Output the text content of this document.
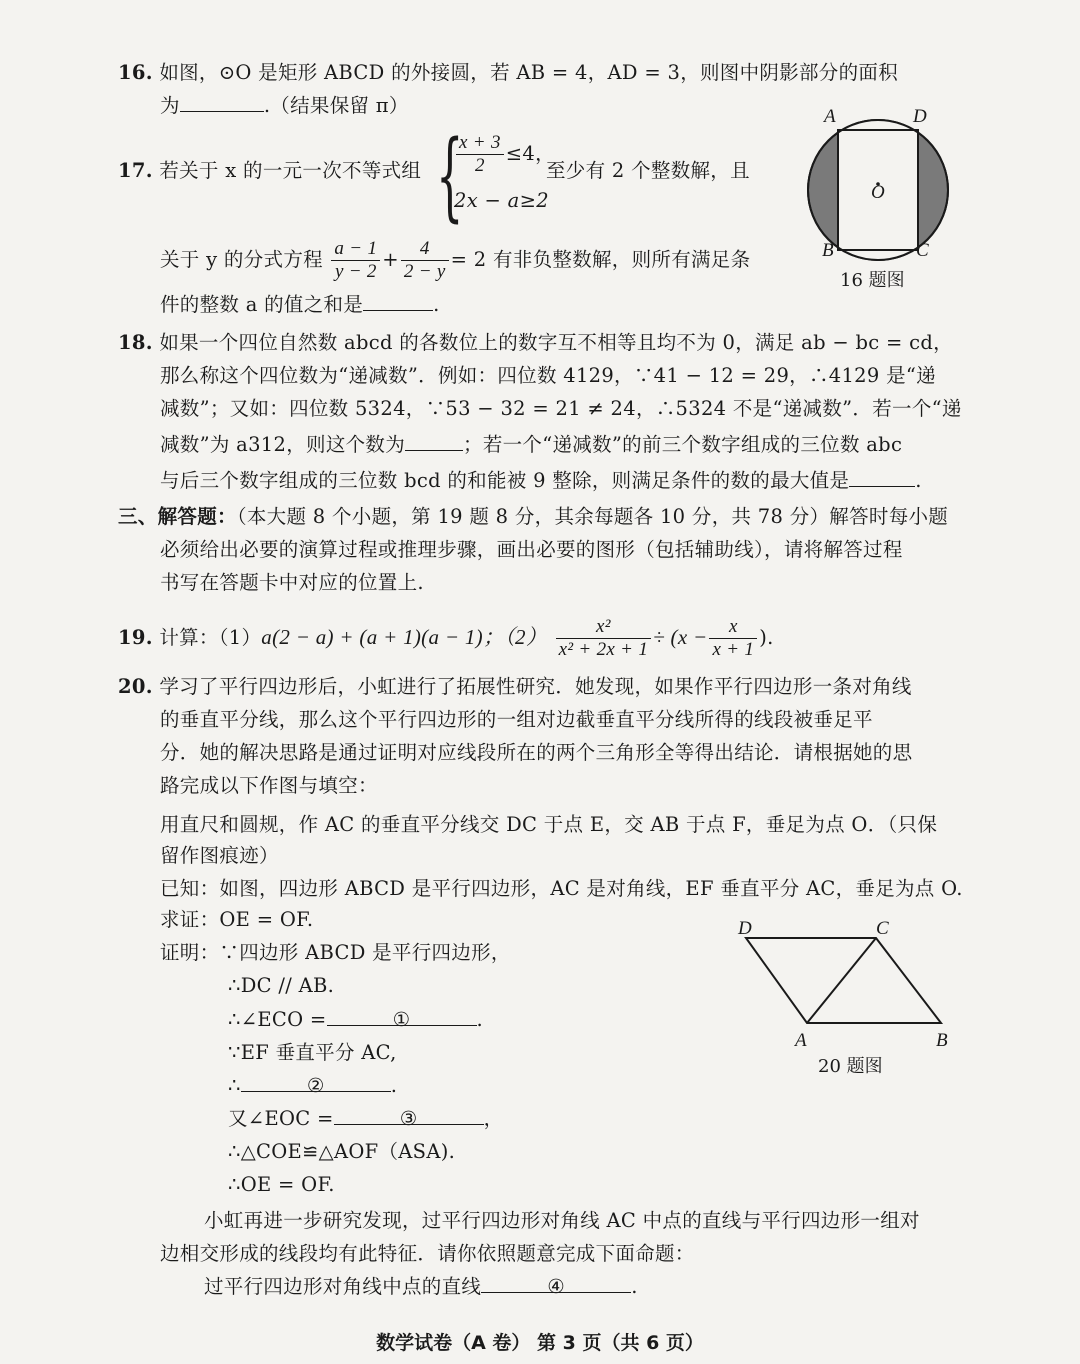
16. 如图，⊙O 是矩形 ABCD 的外接圆，若 AB = 4，AD = 3，则图中阴影部分的面积
为	.（结果保留 π）	A	D
O
B	C
16 题图
17. 若关于 x 的一元一次不等式组 {
$\frac{x + 3}{2} \le 4$，
2x − a≥2
至少有 2 个整数解，且
关于 y 的分式方程 $\frac{a - 1}{y - 2} + \frac{4}{2 - y} = 2$ 有非负整数解，则所有满足条
件的整数 a 的值之和是	.
18. 如果一个四位自然数 abcd 的各数位上的数字互不相等且均不为 0，满足 ab − bc = cd，
那么称这个四位数为“递减数”．例如：四位数 4129，∵41 − 12 = 29，∴4129 是“递
减数”；又如：四位数 5324，∵53 − 32 = 21 ≠ 24，∴5324 不是“递减数”．若一个“递
减数”为 a312，则这个数为	；若一个“递减数”的前三个数字组成的三位数 abc
与后三个数字组成的三位数 bcd 的和能被 9 整除，则满足条件的数的最大值是	.
三、解答题：（本大题 8 个小题，第 19 题 8 分，其余每题各 10 分，共 78 分）解答时每小题
必须给出必要的演算过程或推理步骤，画出必要的图形（包括辅助线），请将解答过程
书写在答题卡中对应的位置上.
19. 计算：（1）a(2 − a) + (a + 1)(a − 1)；$(2) \frac{\text{x²}}{\text{x² + 2x + 1}} \div (x - \frac{x}{x + 1}$ ).
20. 学习了平行四边形后，小虹进行了拓展性研究．她发现，如果作平行四边形一条对角线
的垂直平分线，那么这个平行四边形的一组对边截垂直平分线所得的线段被垂足平
分．她的解决思路是通过证明对应线段所在的两个三角形全等得出结论．请根据她的思
路完成以下作图与填空：
用直尺和圆规，作 AC 的垂直平分线交 DC 于点 E，交 AB 于点 F，垂足为点 O．（只保
留作图痕迹）
已知：如图，四边形 ABCD 是平行四边形，AC 是对角线，EF 垂直平分 AC，垂足为点 O.
求证：OE = OF.
证明：∵四边形 ABCD 是平行四边形，
∴DC // AB.
∴∠ECO =	①	.
∵EF 垂直平分 AC,
∴	②	.
又∠EOC =	③	，
∴△COE≌△AOF（ASA).
∴OE = OF.
小虹再进一步研究发现，过平行四边形对角线 AC 中点的直线与平行四边形一组对
边相交形成的线段均有此特征．请你依照题意完成下面命题：
过平行四边形对角线中点的直线	④	.
D	C
A	B
20 题图
数学试卷（A 卷） 第 3 页（共 6 页）
